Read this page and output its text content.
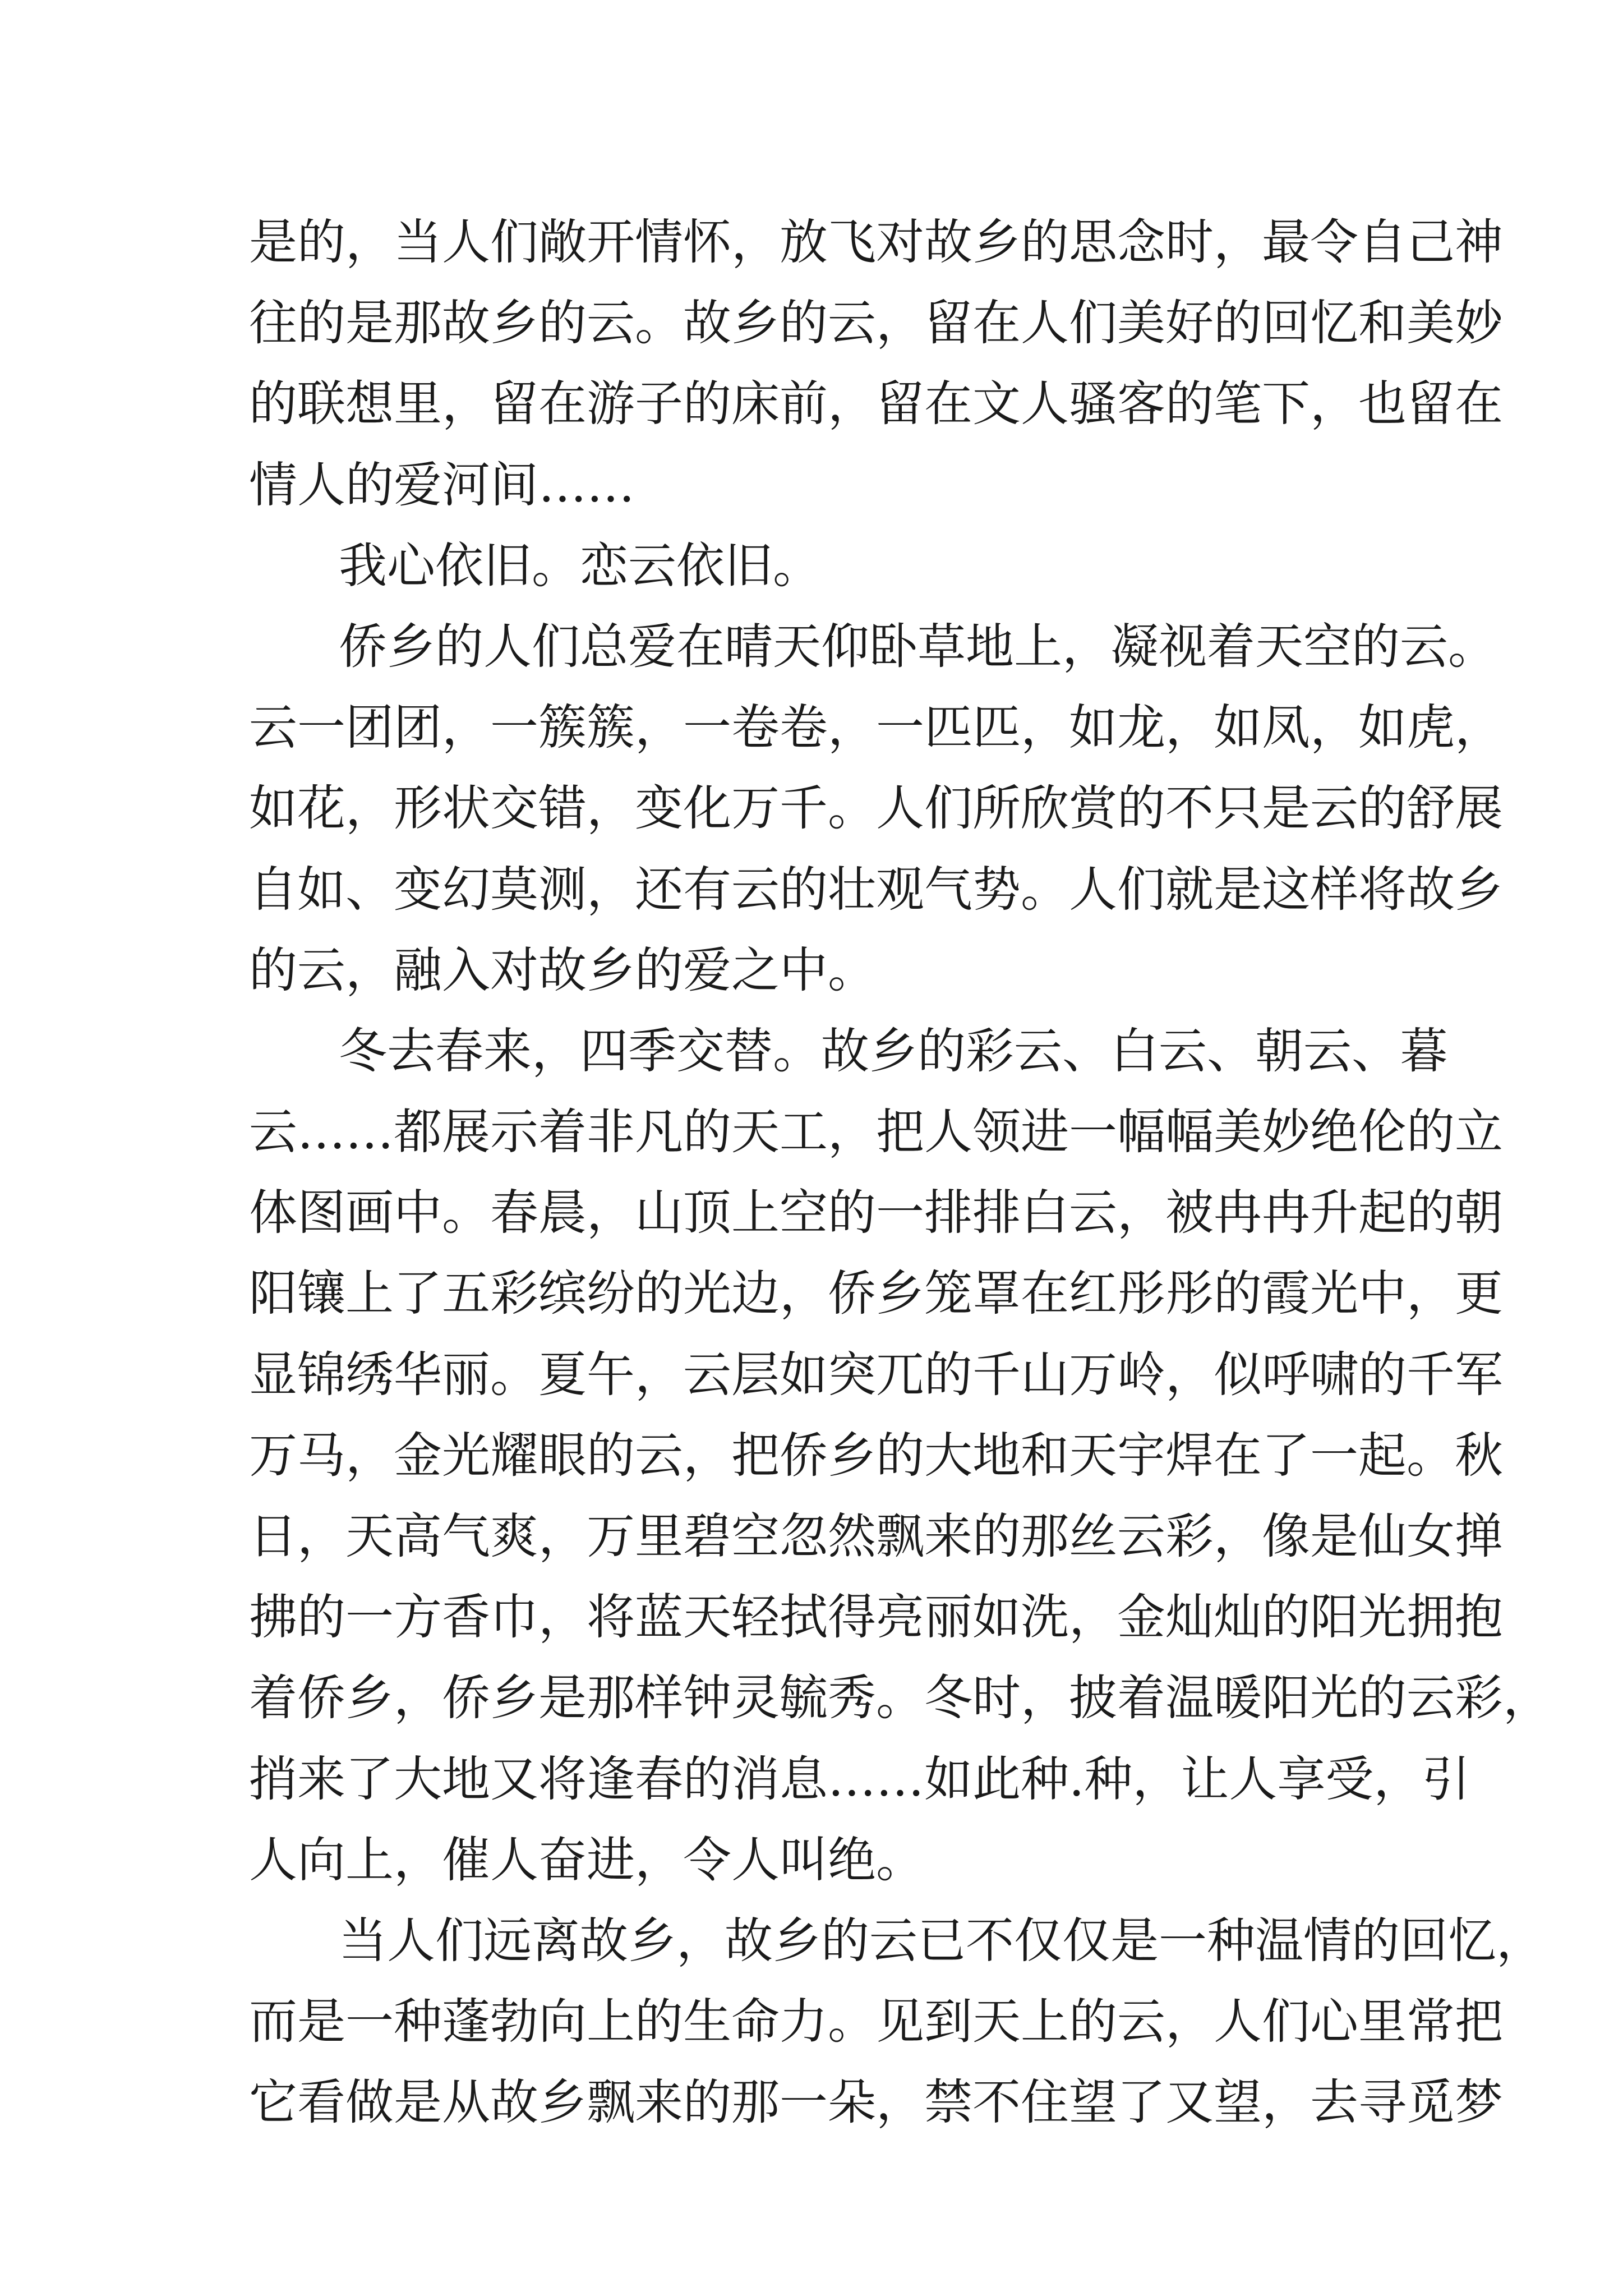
是的，当人们敞开情怀，放飞对故乡的思念时，最令自己神
往的是那故乡的云。故乡的云，留在人们美好的回忆和美妙
的联想里，留在游子的床前，留在文人骚客的笔下，也留在
情人的爱河间……
我心依旧。恋云依旧。
侨乡的人们总爱在晴天仰卧草地上，凝视着天空的云。
云一团团，一簇簇，一卷卷，一匹匹，如龙，如凤，如虎，
如花，形状交错，变化万千。人们所欣赏的不只是云的舒展
自如、变幻莫测，还有云的壮观气势。人们就是这样将故乡
的云，融入对故乡的爱之中。
冬去春来，四季交替。故乡的彩云、白云、朝云、暮
云……都展示着非凡的天工，把人领进一幅幅美妙绝伦的立
体图画中。春晨，山顶上空的一排排白云，被冉冉升起的朝
阳镶上了五彩缤纷的光边，侨乡笼罩在红彤彤的霞光中，更
显锦绣华丽。夏午，云层如突兀的千山万岭，似呼啸的千军
万马，金光耀眼的云，把侨乡的大地和天宇焊在了一起。秋
日，天高气爽，万里碧空忽然飘来的那丝云彩，像是仙女掸
拂的一方香巾，将蓝天轻拭得亮丽如洗，金灿灿的阳光拥抱
着侨乡，侨乡是那样钟灵毓秀。冬时，披着温暖阳光的云彩，
捎来了大地又将逢春的消息……如此种.种，让人享受，引
人向上，催人奋进，令人叫绝。
当人们远离故乡，故乡的云已不仅仅是一种温情的回忆，
而是一种蓬勃向上的生命力。见到天上的云，人们心里常把
它看做是从故乡飘来的那一朵，禁不住望了又望，去寻觅梦
